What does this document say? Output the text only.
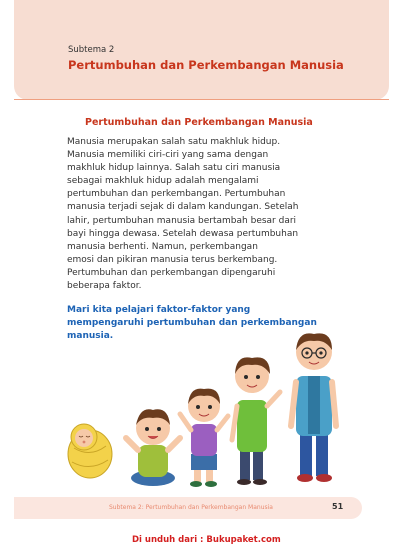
Subtema 2
Pertumbuhan dan Perkembangan Manusia
Pertumbuhan dan Perkembangan Manusia
Manusia merupakan salah satu makhluk hidup.
Manusia memiliki ciri-ciri yang sama dengan
makhluk hidup lainnya. Salah satu ciri manusia
sebagai makhluk hidup adalah mengalami
pertumbuhan dan perkembangan. Pertumbuhan
manusia terjadi sejak di dalam kandungan. Setelah
lahir, pertumbuhan manusia bertambah besar dari
bayi hingga dewasa. Setelah dewasa pertumbuhan
manusia berhenti. Namun, perkembangan
emosi dan pikiran manusia terus berkembang.
Pertumbuhan dan perkembangan dipengaruhi
beberapa faktor.
Mari kita pelajari faktor-faktor yang
mempengaruhi pertumbuhan dan perkembangan
manusia.
Subtema 2: Pertumbuhan dan Perkembangan Manusia	51
Di unduh dari : Bukupaket.com
